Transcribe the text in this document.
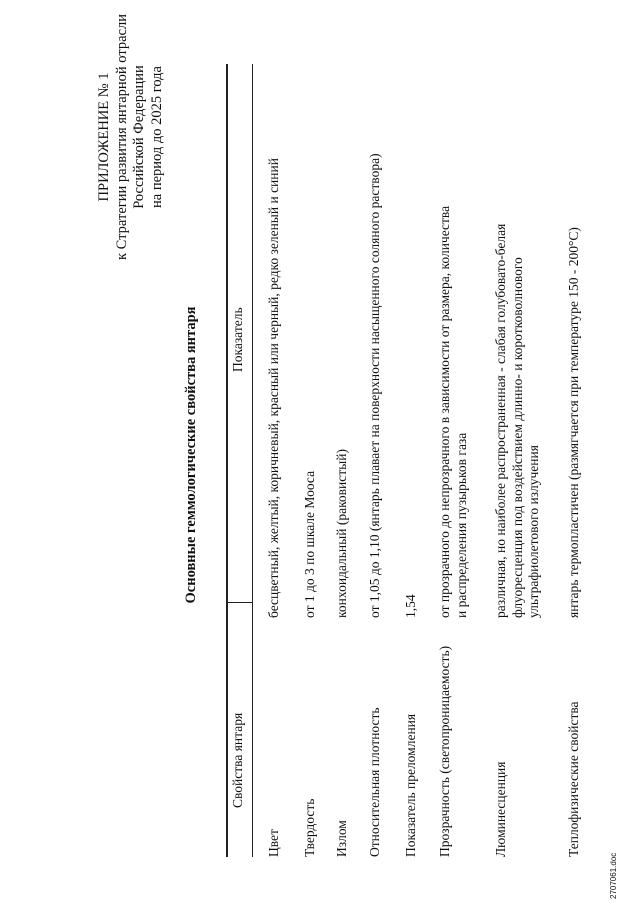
ПРИЛОЖЕНИЕ № 1 к Стратегии развития янтарной отрасли Российской Федерации на период до 2025 года
Основные геммологические свойства янтаря
Свойства янтаря
Показатель
Цвет
бесцветный, желтый, коричневый, красный или черный, редко зеленый и синий
Твердость
от 1 до 3 по шкале Мооса
Излом
конхоидальный (раковистый)
Относительная плотность
от 1,05 до 1,10 (янтарь плавает на поверхности насыщенного соляного раствора)
Показатель преломления
1,54
Прозрачность (светопроницаемость)
от прозрачного до непрозрачного в зависимости от размера, количества и распределения пузырьков газа
Люминесценция
различная, но наиболее распространенная - слабая голубовато-белая флуоресценция под воздействием длинно- и коротковолнового ультрафиолетового излучения
Теплофизические свойства
янтарь термопластичен (размягчается при температуре 150 - 200°С)
2707061.doc
